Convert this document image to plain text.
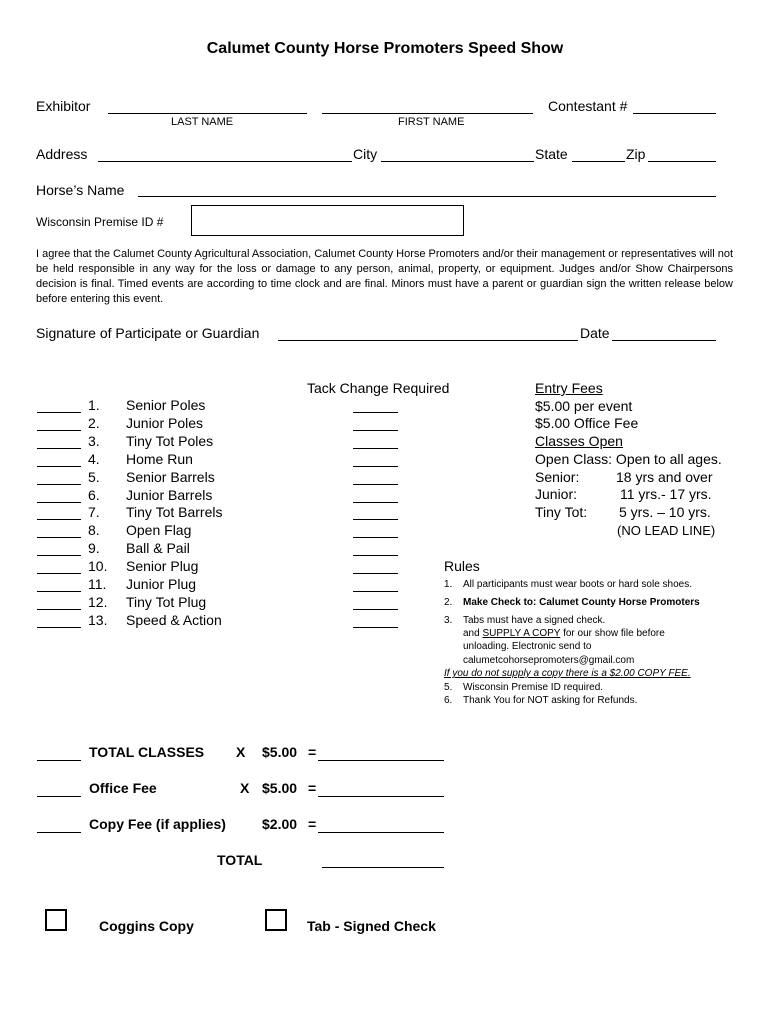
Calumet County Horse Promoters Speed Show
Exhibitor
LAST NAME	FIRST NAME
Contestant #
Address	City	State	Zip
Horse’s Name
Wisconsin Premise ID #
I agree that the Calumet County Agricultural Association, Calumet County Horse Promoters and/or their management or representatives will not be held responsible in any way for the loss or damage to any person, animal, property, or equipment. Judges and/or Show Chairpersons decision is final. Timed events are according to time clock and are final. Minors must have a parent or guardian sign the written release below before entering this event.
Signature of Participate or Guardian	Date
Tack Change Required
1.	Senior Poles
2.	Junior Poles
3.	Tiny Tot Poles
4.	Home Run
5.	Senior Barrels
6.	Junior Barrels
7.	Tiny Tot Barrels
8.	Open Flag
9.	Ball & Pail
10. Senior Plug
11. Junior Plug
12. Tiny Tot Plug
13. Speed & Action
Entry Fees
$5.00 per event
$5.00 Office Fee
Classes Open
Open Class: Open to all ages.
Senior:	18 yrs and over
Junior:	11 yrs.- 17 yrs.
Tiny Tot: 5 yrs. – 10 yrs.
(NO LEAD LINE)
Rules
1. All participants must wear boots or hard sole shoes.
2. Make Check to: Calumet County Horse Promoters
3. Tabs must have a signed check.
and SUPPLY A COPY for our show file before
unloading. Electronic send to
calumetcohorsepromoters@gmail.com
If you do not supply a copy there is a $2.00 COPY FEE.
5. Wisconsin Premise ID required.
6. Thank You for NOT asking for Refunds.
TOTAL CLASSES X $5.00 =
Office Fee	X $5.00 =
Copy Fee (if applies)	$2.00 =
TOTAL
Coggins Copy	Tab - Signed Check
